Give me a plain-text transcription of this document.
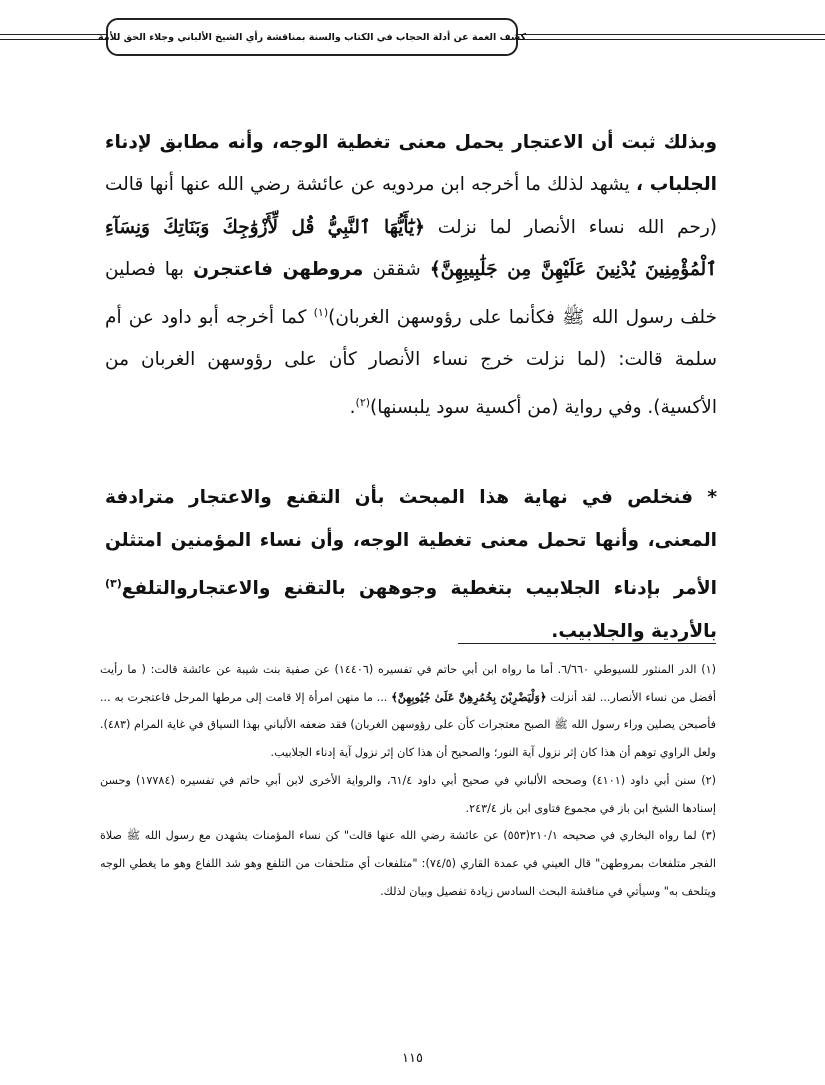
كشف الغمة عن أدلة الحجاب في الكتاب والسنة بمناقشة رأي الشيخ الألباني وجلاء الحق للأمة
وبذلك ثبت أن الاعتجار يحمل معنى تغطية الوجه، وأنه مطابق لإدناء الجلباب ، يشهد لذلك ما أخرجه ابن مردويه عن عائشة رضي الله عنها أنها قالت (رحم الله نساء الأنصار لما نزلت ﴿يَٰٓأَيُّهَا ٱلنَّبِيُّ قُل لِّأَزْوَٰجِكَ وَبَنَاتِكَ وَنِسَآءِ ٱلْمُؤْمِنِينَ يُدْنِينَ عَلَيْهِنَّ مِن جَلَٰبِيبِهِنَّ﴾ شققن مروطهن فاعتجرن بها فصلين خلف رسول الله ﷺ فكأنما على رؤوسهن الغربان)$^{(١)}$ كما أخرجه أبو داود عن أم سلمة قالت: (لما نزلت خرج نساء الأنصار كأن على رؤوسهن الغربان من الأكسية). وفي رواية (من أكسية سود يلبسنها)$^{(٢)}$.
* فنخلص في نهاية هذا المبحث بأن التقنع والاعتجار مترادفة المعنى، وأنها تحمل معنى تغطية الوجه، وأن نساء المؤمنين امتثلن الأمر بإدناء الجلابيب بتغطية وجوههن بالتقنع والاعتجاروالتلفع$^{(٣)}$ بالأردية والجلابيب.

(١) الدر المنثور للسيوطي ٦/٦٦٠. أما ما رواه ابن أبي حاتم في تفسيره (١٤٤٠٦) عن صفية بنت شيبة عن عائشة قالت: ( ما رأيت أفضل من نساء الأنصار... لقد أنزلت ﴿وَلْيَضْرِبْنَ بِخُمُرِهِنَّ عَلَىٰ جُيُوبِهِنَّ﴾ ... ما منهن امرأة إلا قامت إلى مرطها المرحل فاعتجرت به ... فأصبحن يصلين وراء رسول الله ﷺ الصبح معتجرات كأن على رؤوسهن الغربان) فقد ضعفه الألباني بهذا السياق في غاية المرام (٤٨٣). ولعل الراوي توهم أن هذا كان إثر نزول آية النور؛ والصحيح أن هذا كان إثر نزول آية إدناء الجلابيب.

(٢) سنن أبي داود (٤١٠١) وصححه الألباني في صحيح أبي داود ٦١/٤، والرواية الأخرى لابن أبي حاتم في تفسيره (١٧٧٨٤) وحسن إسنادها الشيخ ابن باز في مجموع فتاوى ابن باز ٢٤٣/٤.

(٣) لما رواه البخاري في صحيحه ٢١٠/١(٥٥٣) عن عائشة رضي الله عنها قالت" كن نساء المؤمنات يشهدن مع رسول الله ﷺ صلاة الفجر متلفعات بمروطهن" قال العيني في عمدة القاري (٧٤/٥): "متلفعات أي متلحفات من التلفع وهو شد اللفاع وهو ما يغطي الوجه ويتلحف به" وسيأتي في مناقشة البحث السادس زيادة تفصيل وبيان لذلك.

١١٥
